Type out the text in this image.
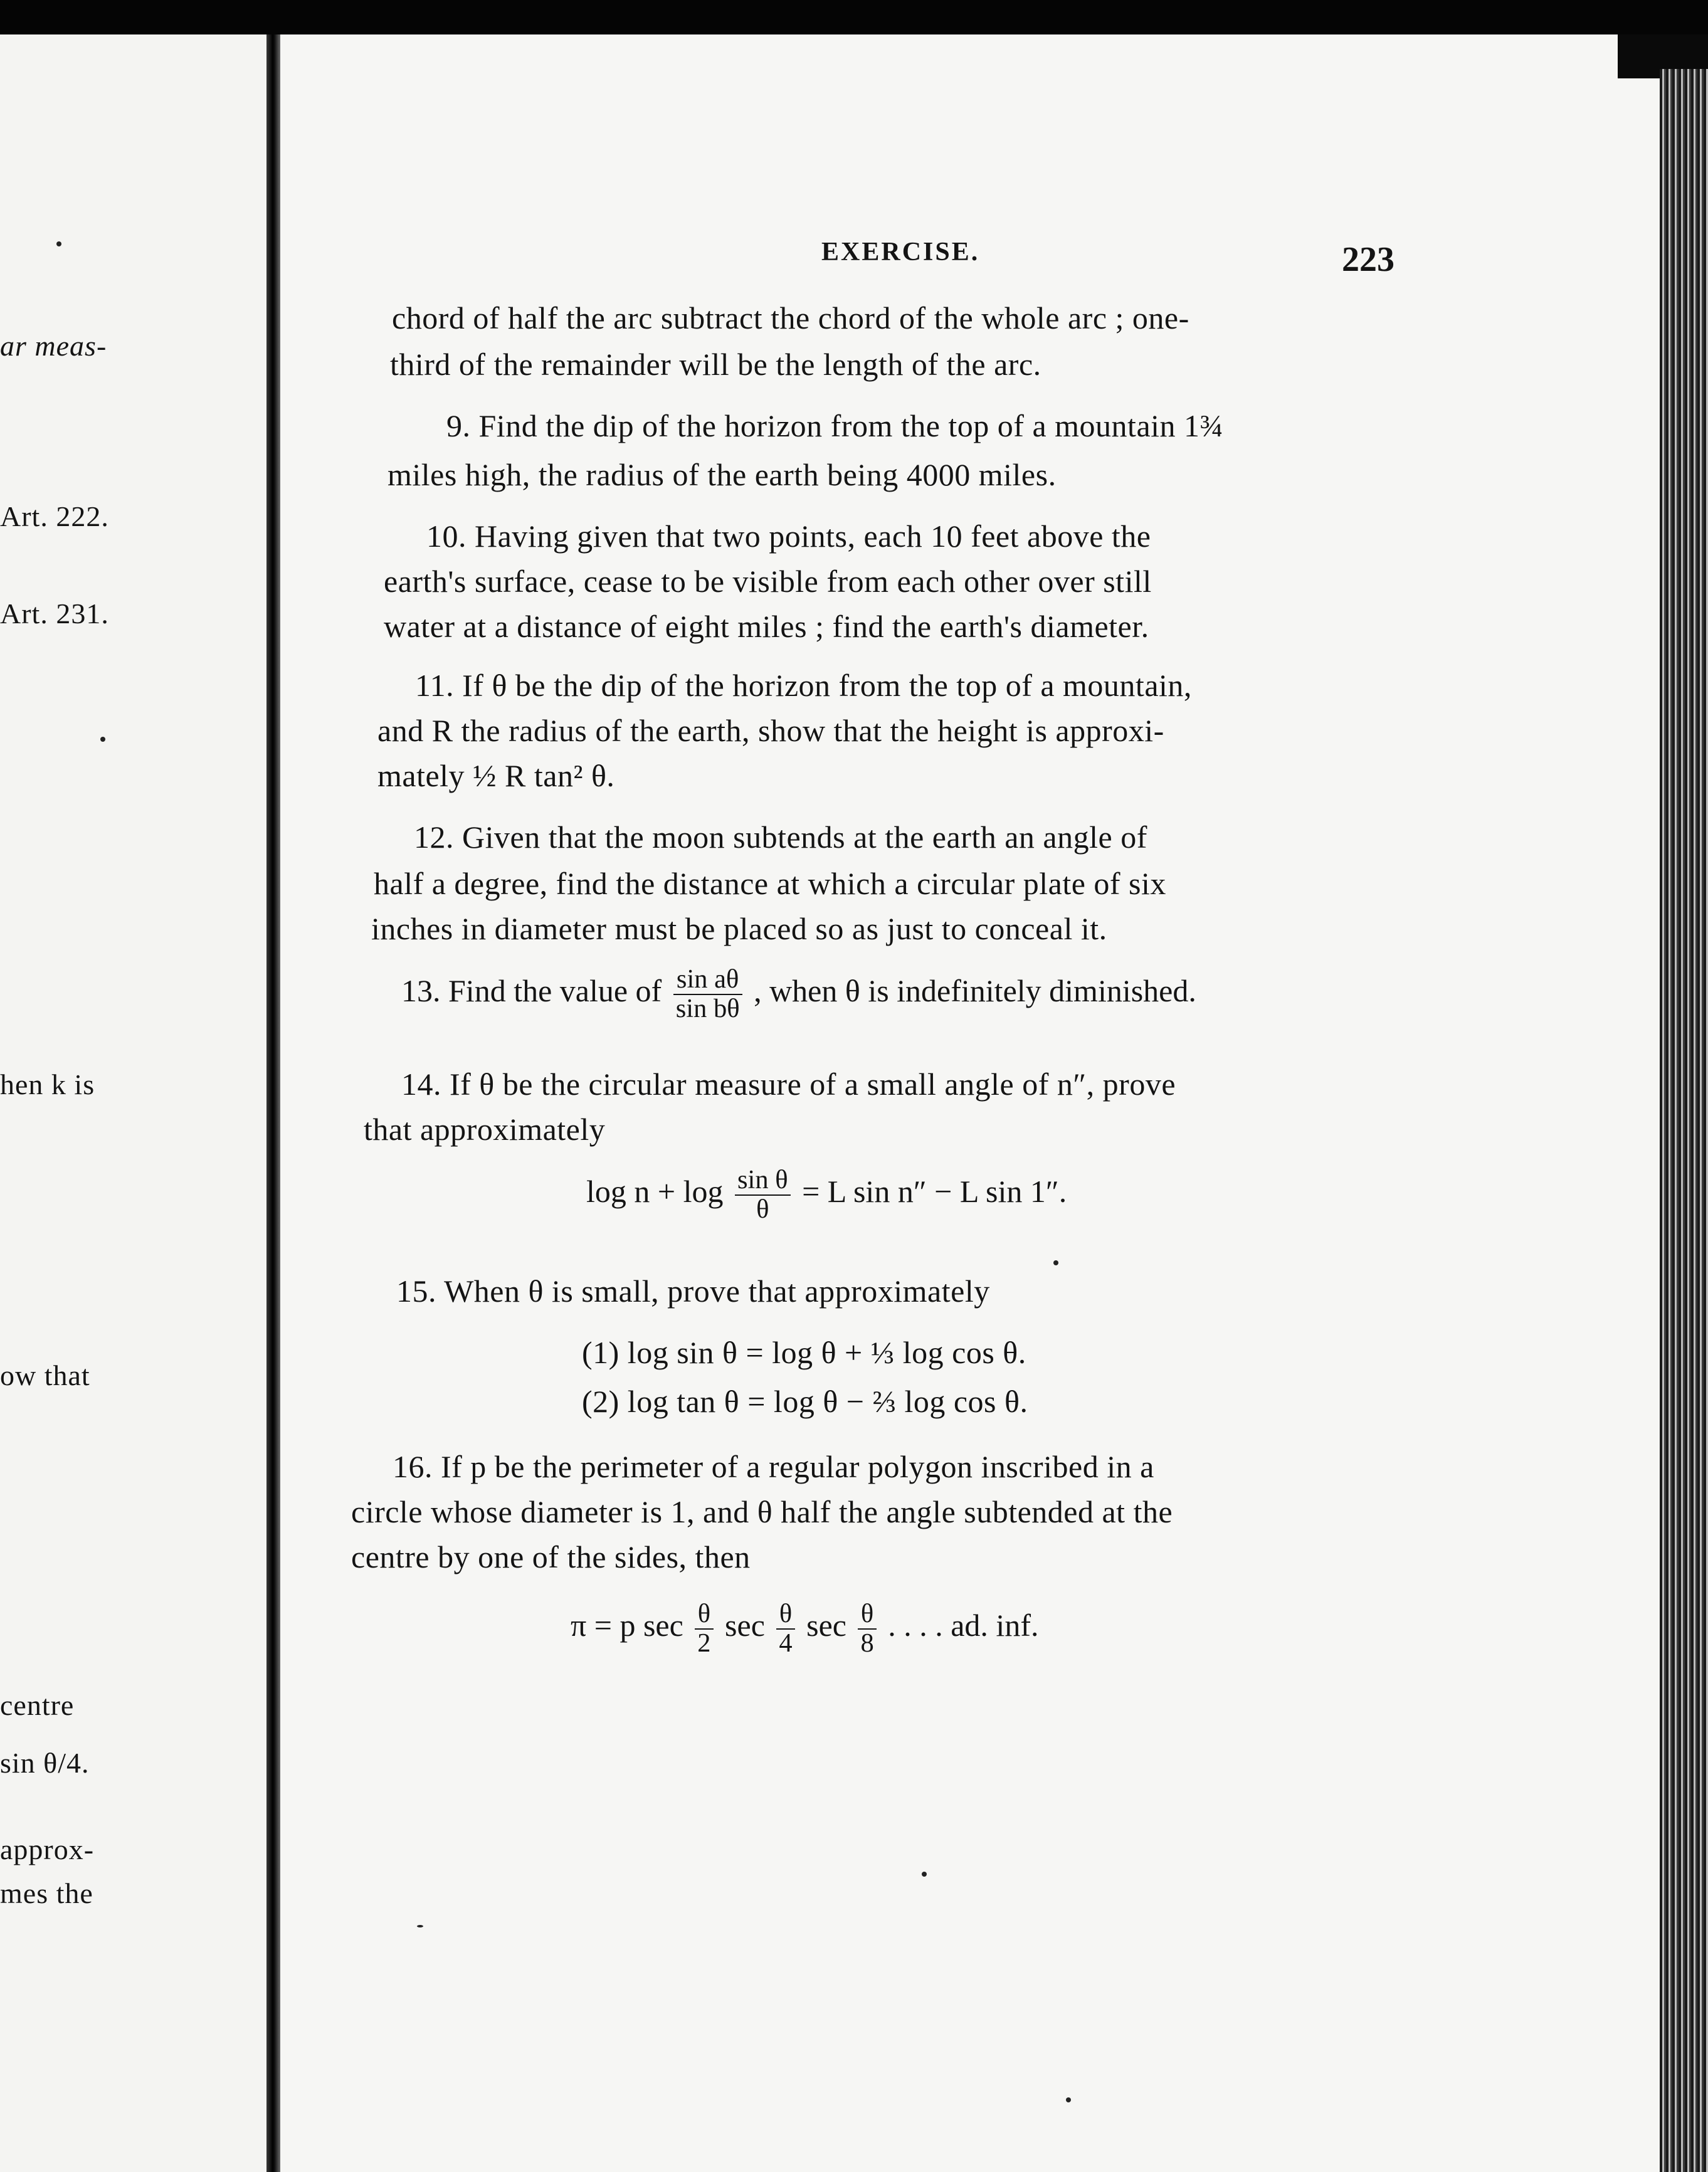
ar meas-
Art. 222.
Art. 231.
hen k is
ow that
centre
sin θ/4.
approx-
mes the
EXERCISE.	223
chord of half the arc subtract the chord of the whole arc ; one-
third of the remainder will be the length of the arc.
9. Find the dip of the horizon from the top of a mountain 1¾
miles high, the radius of the earth being 4000 miles.
10. Having given that two points, each 10 feet above the
earth's surface, cease to be visible from each other over still
water at a distance of eight miles ; find the earth's diameter.
11. If θ be the dip of the horizon from the top of a mountain,
and R the radius of the earth, show that the height is approxi-
mately ½ R tan² θ.
12. Given that the moon subtends at the earth an angle of
half a degree, find the distance at which a circular plate of six
inches in diameter must be placed so as just to conceal it.
13. Find the value of $\frac{\text{sin aθ}}{\text{sin bθ}}$ , when θ is indefinitely diminished.
14. If θ be the circular measure of a small angle of n″, prove
that approximately
$\log n + \log \frac{\text{sin θ}}{\theta} = L$ sin n″ − L sin 1″.
15. When θ is small, prove that approximately
(1) log sin θ = log θ + ⅓ log cos θ.
(2) log tan θ = log θ − ⅔ log cos θ.
16. If p be the perimeter of a regular polygon inscribed in a
circle whose diameter is 1, and θ half the angle subtended at the
centre by one of the sides, then
π = p $\sec \frac{\theta}{2}$ $\sec \frac{\theta}{4}$ $\sec \frac{\theta}{8}$ . . . . ad. inf.
